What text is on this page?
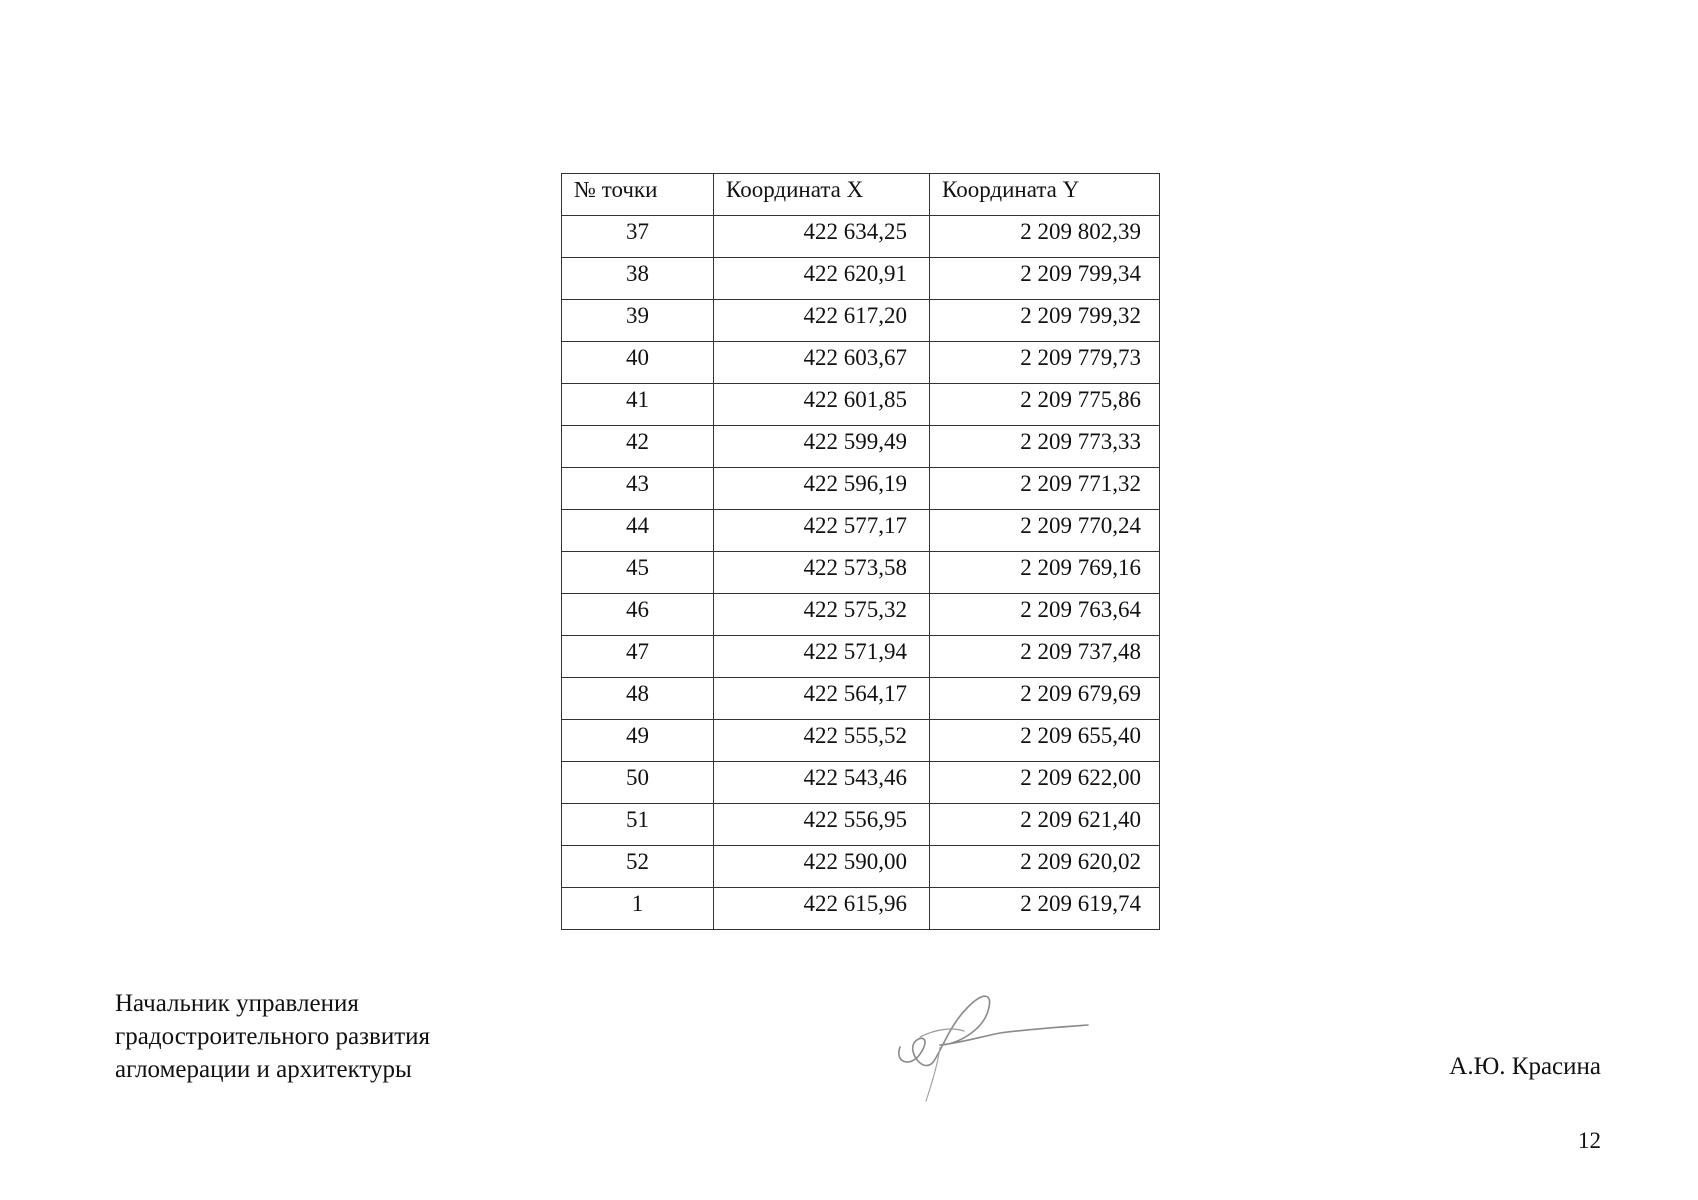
№ точки	Координата X	Координата Y
37	422 634,25	2 209 802,39
38	422 620,91	2 209 799,34
39	422 617,20	2 209 799,32
40	422 603,67	2 209 779,73
41	422 601,85	2 209 775,86
42	422 599,49	2 209 773,33
43	422 596,19	2 209 771,32
44	422 577,17	2 209 770,24
45	422 573,58	2 209 769,16
46	422 575,32	2 209 763,64
47	422 571,94	2 209 737,48
48	422 564,17	2 209 679,69
49	422 555,52	2 209 655,40
50	422 543,46	2 209 622,00
51	422 556,95	2 209 621,40
52	422 590,00	2 209 620,02
1	422 615,96	2 209 619,74
Начальник управления
градостроительного развития
агломерации и архитектуры	А.Ю. Красина
12
